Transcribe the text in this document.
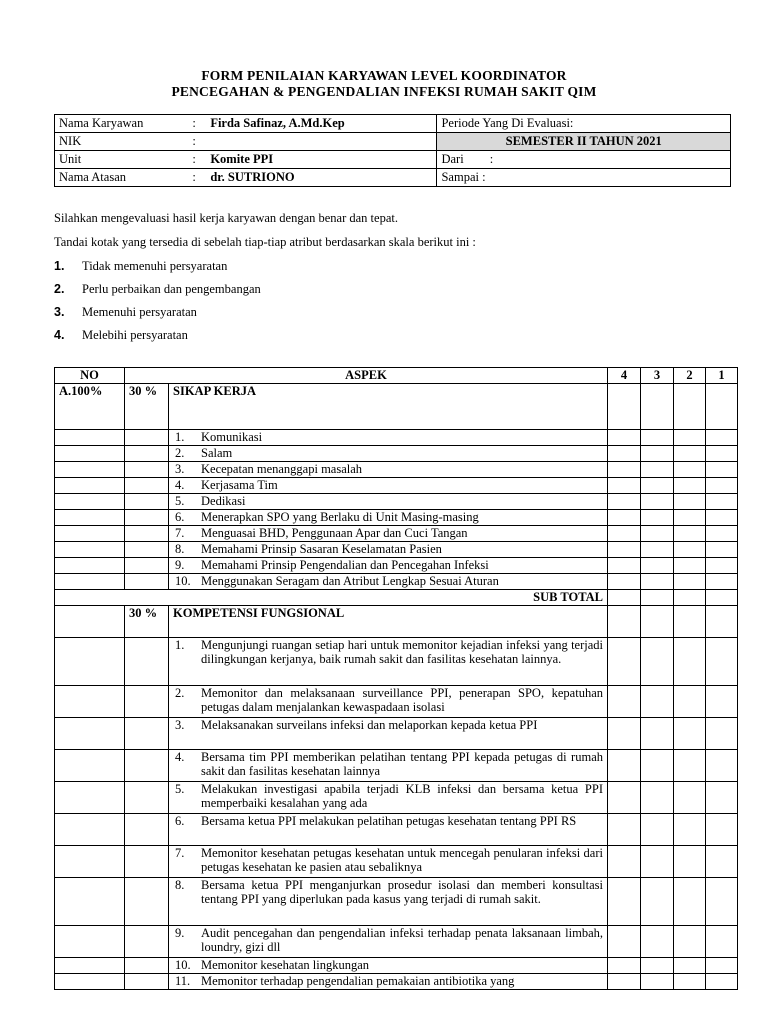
FORM PENILAIAN KARYAWAN LEVEL KOORDINATOR
PENCEGAHAN & PENGENDALIAN INFEKSI RUMAH SAKIT QIM
Nama Karyawan	:	Firda Safinaz, A.Md.Kep	Periode Yang Di Evaluasi:
NIK	:		SEMESTER II TAHUN 2021
Unit	:	Komite PPI	Dari :
Nama Atasan	:	dr. SUTRIONO	Sampai :
Silahkan mengevaluasi hasil kerja karyawan dengan benar dan tepat.
Tandai kotak yang tersedia di sebelah tiap-tiap atribut berdasarkan skala berikut ini :
1. Tidak memenuhi persyaratan
2. Perlu perbaikan dan pengembangan
3. Memenuhi persyaratan
4. Melebihi persyaratan
NO	ASPEK		4	3	2	1
A.100%	30 %	SIKAP KERJA				

		1. Komunikasi				

		2. Salam				

		3. Kecepatan menanggapi masalah				

		4. Kerjasama Tim				

		5. Dedikasi				

		6. Menerapkan SPO yang Berlaku di Unit Masing-masing				

		7. Menguasai BHD, Penggunaan Apar dan Cuci Tangan				

		8. Memahami Prinsip Sasaran Keselamatan Pasien				

		9. Memahami Prinsip Pengendalian dan Pencegahan Infeksi				

		10. Menggunakan Seragam dan Atribut Lengkap Sesuai Aturan				

SUB TOTAL						
	30 %	KOMPETENSI FUNGSIONAL				

		1. Mengunjungi ruangan setiap hari untuk memonitor kejadian infeksi yang terjadi dilingkungan kerjanya, baik rumah sakit dan fasilitas kesehatan lainnya.				

		2. Memonitor dan melaksanaan surveillance PPI, penerapan SPO, kepatuhan petugas dalam menjalankan kewaspadaan isolasi				

		3. Melaksanakan surveilans infeksi dan melaporkan kepada ketua PPI				

		4. Bersama tim PPI memberikan pelatihan tentang PPI kepada petugas di rumah sakit dan fasilitas kesehatan lainnya				

		5. Melakukan investigasi apabila terjadi KLB infeksi dan bersama ketua PPI memperbaiki kesalahan yang ada				

		6. Bersama ketua PPI melakukan pelatihan petugas kesehatan tentang PPI RS				

		7. Memonitor kesehatan petugas kesehatan untuk mencegah penularan infeksi dari petugas kesehatan ke pasien atau sebaliknya				

		8. Bersama ketua PPI menganjurkan prosedur isolasi dan memberi konsultasi tentang PPI yang diperlukan pada kasus yang terjadi di rumah sakit.				

		9. Audit pencegahan dan pengendalian infeksi terhadap penata laksanaan limbah, loundry, gizi dll				

		10. Memonitor kesehatan lingkungan				

		11. Memonitor terhadap pengendalian pemakaian antibiotika yang				
